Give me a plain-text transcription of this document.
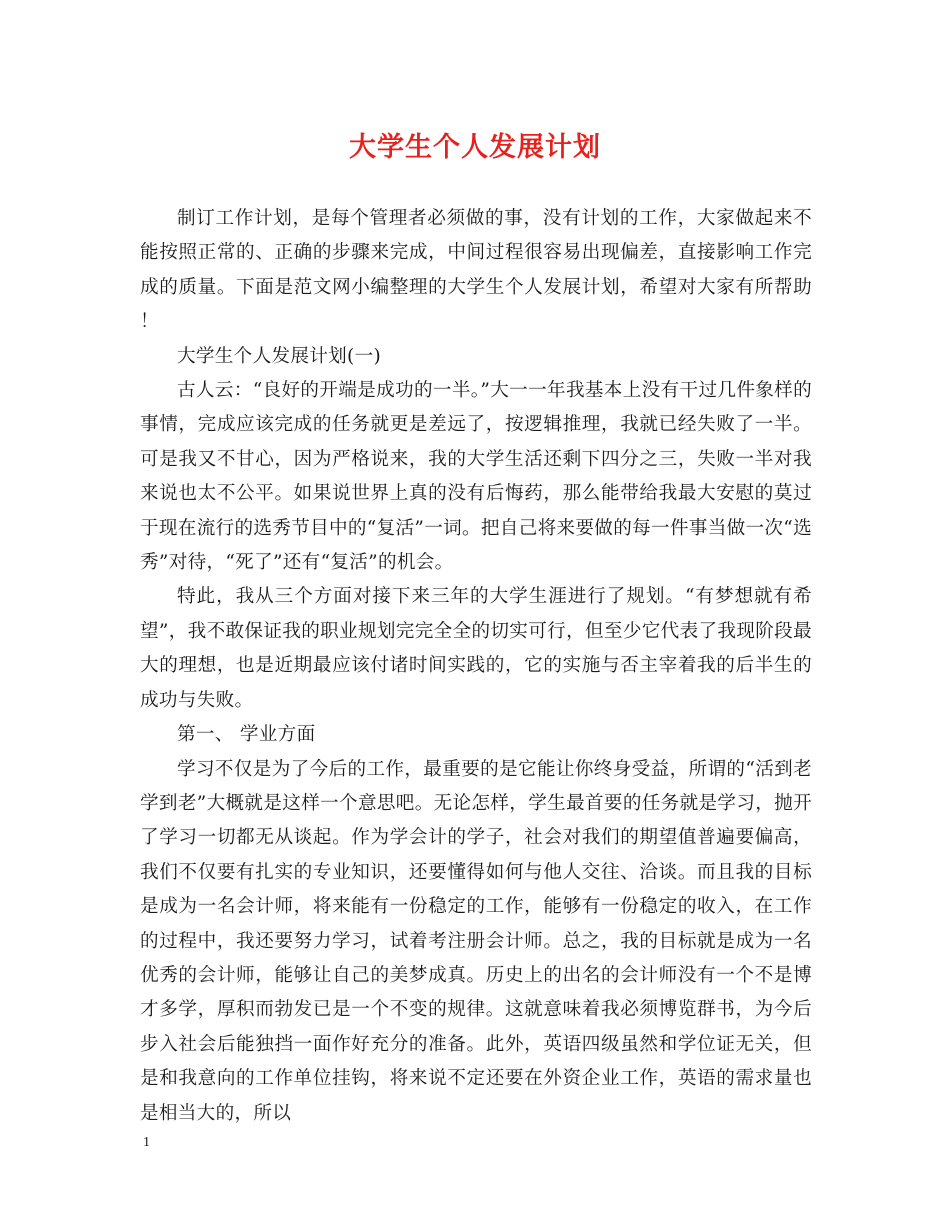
大学生个人发展计划

制订工作计划，是每个管理者必须做的事，没有计划的工作，大家做起来不能按照正常的、正确的步骤来完成，中间过程很容易出现偏差，直接影响工作完成的质量。下面是范文网小编整理的大学生个人发展计划，希望对大家有所帮助 ！

大学生个人发展计划(一)

古人云：“良好的开端是成功的一半。”大一一年我基本上没有干过几件象样的事情，完成应该完成的任务就更是差远了，按逻辑推理，我就已经失败了一半。可是我又不甘心，因为严格说来，我的大学生活还剩下四分之三，失败一半对我来说也太不公平。如果说世界上真的没有后悔药，那么能带给我最大安慰的莫过于现在流行的选秀节目中的“复活”一词。把自己将来要做的每一件事当做一次“选秀”对待，“死了”还有“复活”的机会。

特此，我从三个方面对接下来三年的大学生涯进行了规划。“有梦想就有希望”，我不敢保证我的职业规划完完全全的切实可行，但至少它代表了我现阶段最大的理想，也是近期最应该付诸时间实践的，它的实施与否主宰着我的后半生的成功与失败。

第一、 学业方面

学习不仅是为了今后的工作，最重要的是它能让你终身受益，所谓的“活到老学到老”大概就是这样一个意思吧。无论怎样，学生最首要的任务就是学习，抛开了学习一切都无从谈起。作为学会计的学子，社会对我们的期望值普遍要偏高，我们不仅要有扎实的专业知识，还要懂得如何与他人交往、洽谈。而且我的目标是成为一名会计师，将来能有一份稳定的工作，能够有一份稳定的收入，在工作的过程中，我还要努力学习，试着考注册会计师。总之，我的目标就是成为一名优秀的会计师，能够让自己的美梦成真。历史上的出名的会计师没有一个不是博才多学，厚积而勃发已是一个不变的规律。这就意味着我必须博览群书，为今后步入社会后能独挡一面作好充分的准备。此外，英语四级虽然和学位证无关，但是和我意向的工作单位挂钩，将来说不定还要在外资企业工作，英语的需求量也是相当大的，所以

1
